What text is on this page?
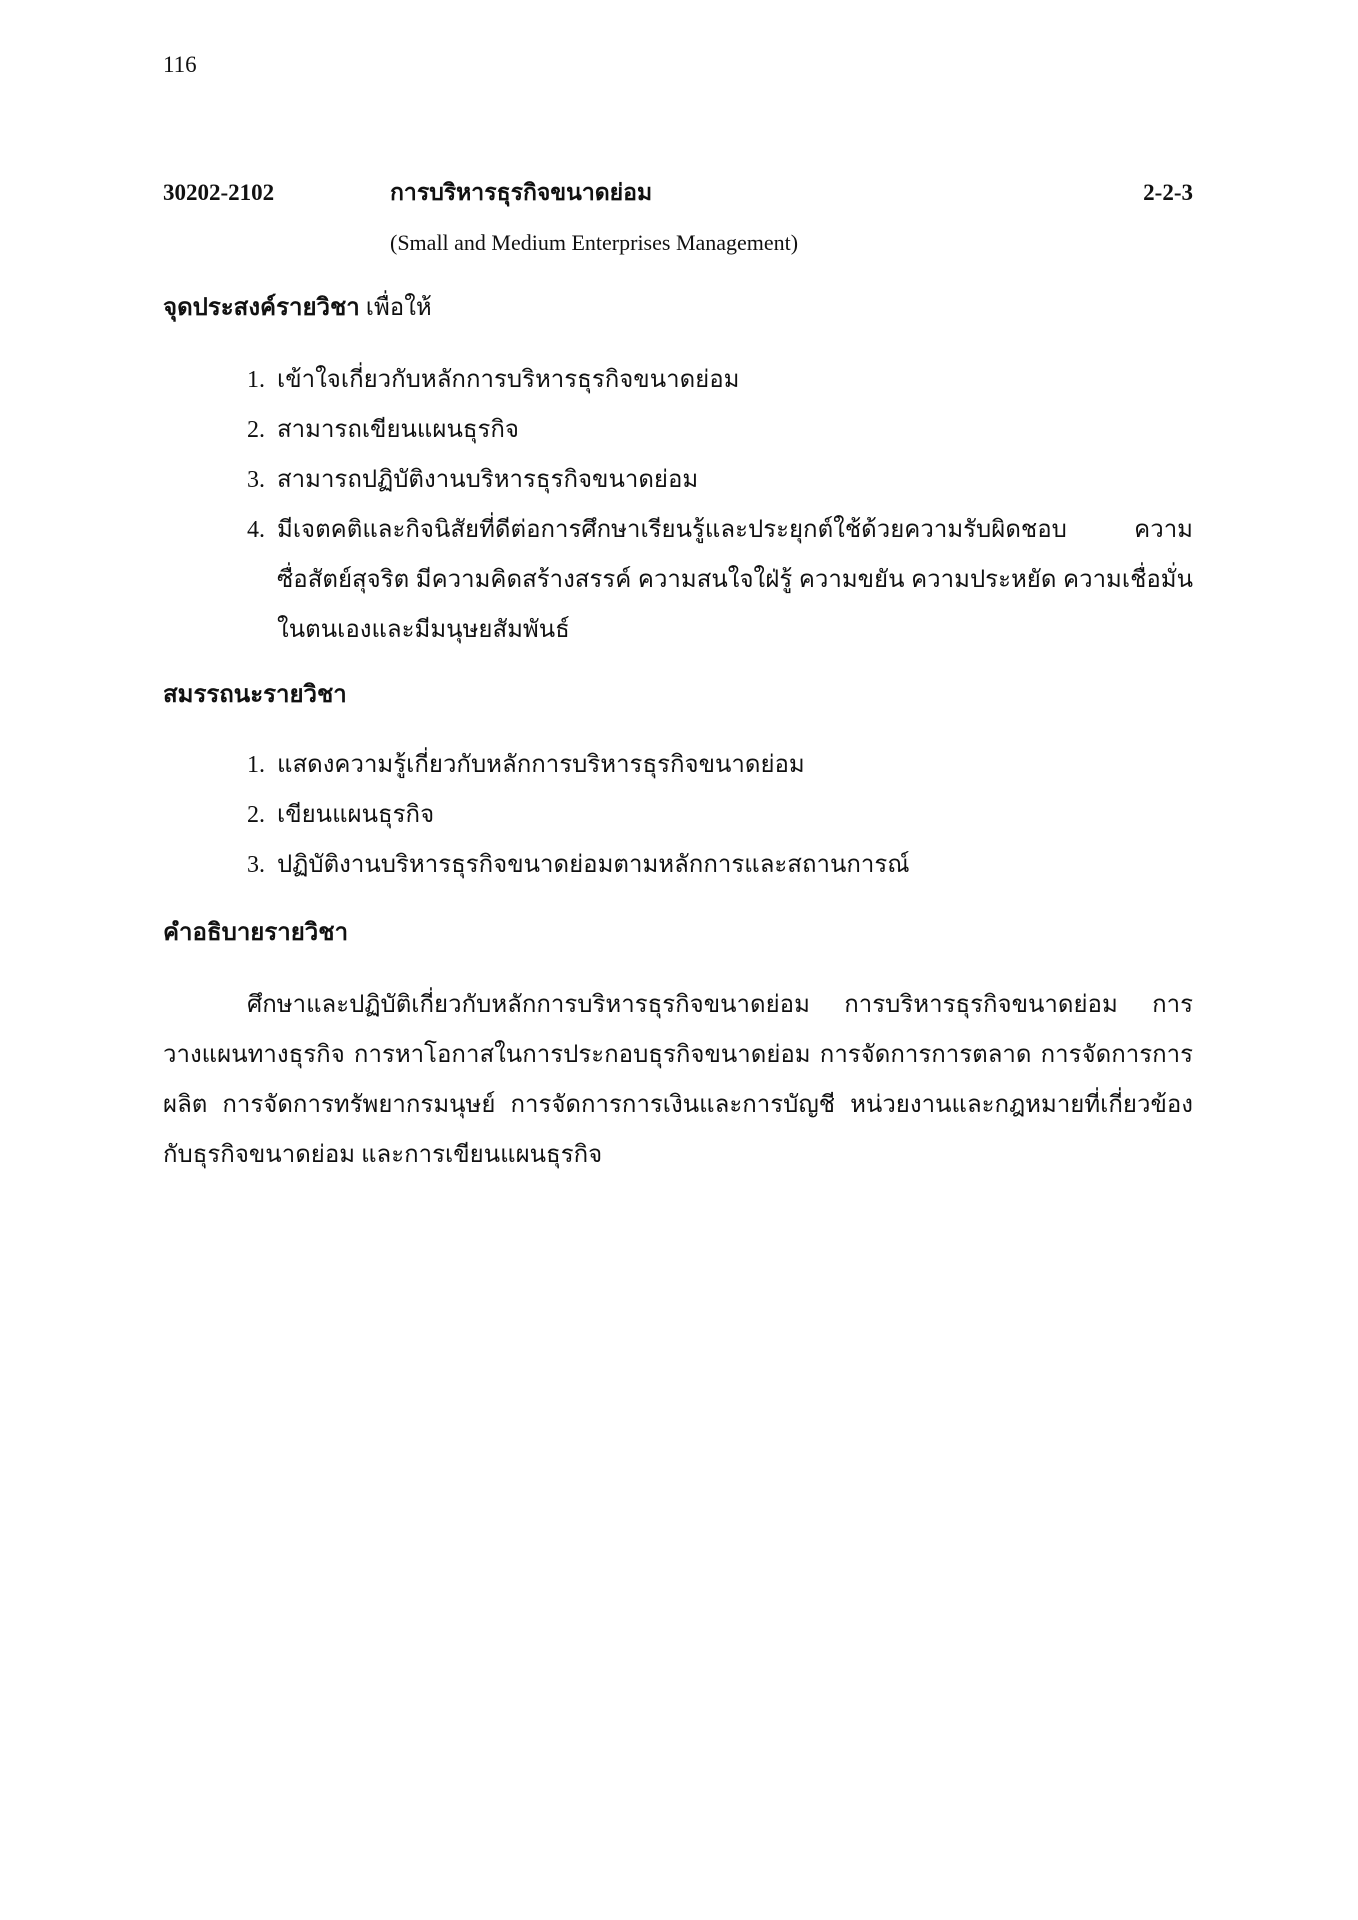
116
30202-2102	การบริหารธุรกิจขนาดย่อม	2-2-3
(Small and Medium Enterprises Management)
จุดประสงค์รายวิชา เพื่อให้
1. เข้าใจเกี่ยวกับหลักการบริหารธุรกิจขนาดย่อม
2. สามารถเขียนแผนธุรกิจ
3. สามารถปฏิบัติงานบริหารธุรกิจขนาดย่อม
4. มีเจตคติและกิจนิสัยที่ดีต่อการศึกษาเรียนรู้และประยุกต์ใช้ด้วยความรับผิดชอบ ความซื่อสัตย์สุจริต มีความคิดสร้างสรรค์ ความสนใจใฝ่รู้ ความขยัน ความประหยัด ความเชื่อมั่นในตนเองและมีมนุษยสัมพันธ์
สมรรถนะรายวิชา
1. แสดงความรู้เกี่ยวกับหลักการบริหารธุรกิจขนาดย่อม
2. เขียนแผนธุรกิจ
3. ปฏิบัติงานบริหารธุรกิจขนาดย่อมตามหลักการและสถานการณ์
คำอธิบายรายวิชา

ศึกษาและปฏิบัติเกี่ยวกับหลักการบริหารธุรกิจขนาดย่อม การบริหารธุรกิจขนาดย่อม การวางแผนทางธุรกิจ การหาโอกาสในการประกอบธุรกิจขนาดย่อม การจัดการการตลาด การจัดการการผลิต การจัดการทรัพยากรมนุษย์ การจัดการการเงินและการบัญชี หน่วยงานและกฎหมายที่เกี่ยวข้องกับธุรกิจขนาดย่อม และการเขียนแผนธุรกิจ
